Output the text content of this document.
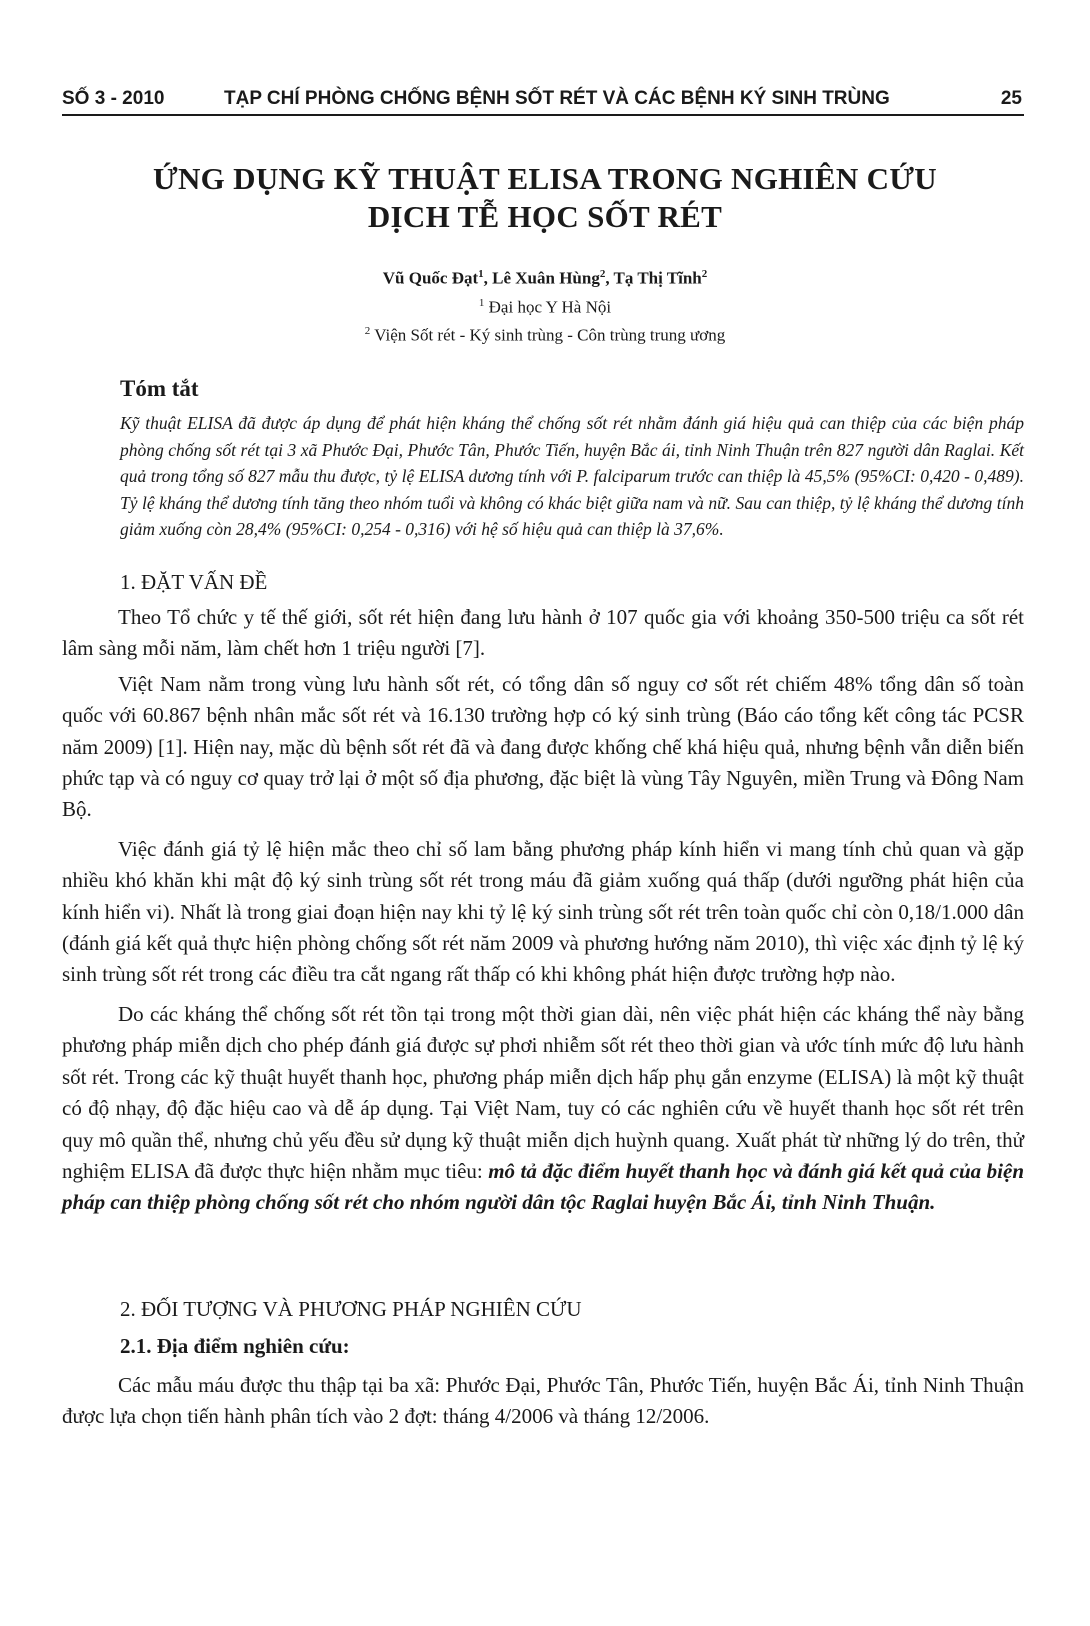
SỐ 3 - 2010	TẠP CHÍ PHÒNG CHỐNG BỆNH SỐT RÉT VÀ CÁC BỆNH KÝ SINH TRÙNG	25
ỨNG DỤNG KỸ THUẬT ELISA TRONG NGHIÊN CỨU
DỊCH TỄ HỌC SỐT RÉT
Vũ Quốc Đạt$^1$, Lê Xuân Hùng$^2$, Tạ Thị Tĩnh$^2$
$^1$ Đại học Y Hà Nội
$^2$ Viện Sốt rét - Ký sinh trùng - Côn trùng trung ương
Tóm tắt

Kỹ thuật ELISA đã được áp dụng để phát hiện kháng thể chống sốt rét nhằm đánh giá hiệu quả can thiệp của các biện pháp phòng chống sốt rét tại 3 xã Phước Đại, Phước Tân, Phước Tiến, huyện Bắc ái, tỉnh Ninh Thuận trên 827 người dân Raglai. Kết quả trong tổng số 827 mẫu thu được, tỷ lệ ELISA dương tính với P. falciparum trước can thiệp là 45,5% (95%CI: 0,420 - 0,489). Tỷ lệ kháng thể dương tính tăng theo nhóm tuổi và không có khác biệt giữa nam và nữ. Sau can thiệp, tỷ lệ kháng thể dương tính giảm xuống còn 28,4% (95%CI: 0,254 - 0,316) với hệ số hiệu quả can thiệp là 37,6%.

1. ĐẶT VẤN ĐỀ

Theo Tổ chức y tế thế giới, sốt rét hiện đang lưu hành ở 107 quốc gia với khoảng 350-500 triệu ca sốt rét lâm sàng mỗi năm, làm chết hơn 1 triệu người [7].

Việt Nam nằm trong vùng lưu hành sốt rét, có tổng dân số nguy cơ sốt rét chiếm 48% tổng dân số toàn quốc với 60.867 bệnh nhân mắc sốt rét và 16.130 trường hợp có ký sinh trùng (Báo cáo tổng kết công tác PCSR năm 2009) [1]. Hiện nay, mặc dù bệnh sốt rét đã và đang được khống chế khá hiệu quả, nhưng bệnh vẫn diễn biến phức tạp và có nguy cơ quay trở lại ở một số địa phương, đặc biệt là vùng Tây Nguyên, miền Trung và Đông Nam Bộ.

Việc đánh giá tỷ lệ hiện mắc theo chỉ số lam bằng phương pháp kính hiển vi mang tính chủ quan và gặp nhiều khó khăn khi mật độ ký sinh trùng sốt rét trong máu đã giảm xuống quá thấp (dưới ngưỡng phát hiện của kính hiển vi). Nhất là trong giai đoạn hiện nay khi tỷ lệ ký sinh trùng sốt rét trên toàn quốc chỉ còn 0,18/1.000 dân (đánh giá kết quả thực hiện phòng chống sốt rét năm 2009 và phương hướng năm 2010), thì việc xác định tỷ lệ ký sinh trùng sốt rét trong các điều tra cắt ngang rất thấp có khi không phát hiện được trường hợp nào.

Do các kháng thể chống sốt rét tồn tại trong một thời gian dài, nên việc phát hiện các kháng thể này bằng phương pháp miễn dịch cho phép đánh giá được sự phơi nhiễm sốt rét theo thời gian và ước tính mức độ lưu hành sốt rét. Trong các kỹ thuật huyết thanh học, phương pháp miễn dịch hấp phụ gắn enzyme (ELISA) là một kỹ thuật có độ nhạy, độ đặc hiệu cao và dễ áp dụng. Tại Việt Nam, tuy có các nghiên cứu về huyết thanh học sốt rét trên quy mô quần thể, nhưng chủ yếu đều sử dụng kỹ thuật miễn dịch huỳnh quang. Xuất phát từ những lý do trên, thử nghiệm ELISA đã được thực hiện nhằm mục tiêu: mô tả đặc điểm huyết thanh học và đánh giá kết quả của biện pháp can thiệp phòng chống sốt rét cho nhóm người dân tộc Raglai huyện Bắc Ái, tỉnh Ninh Thuận.

2. ĐỐI TƯỢNG VÀ PHƯƠNG PHÁP NGHIÊN CỨU
2.1. Địa điểm nghiên cứu:

Các mẫu máu được thu thập tại ba xã: Phước Đại, Phước Tân, Phước Tiến, huyện Bắc Ái, tỉnh Ninh Thuận được lựa chọn tiến hành phân tích vào 2 đợt: tháng 4/2006 và tháng 12/2006.
